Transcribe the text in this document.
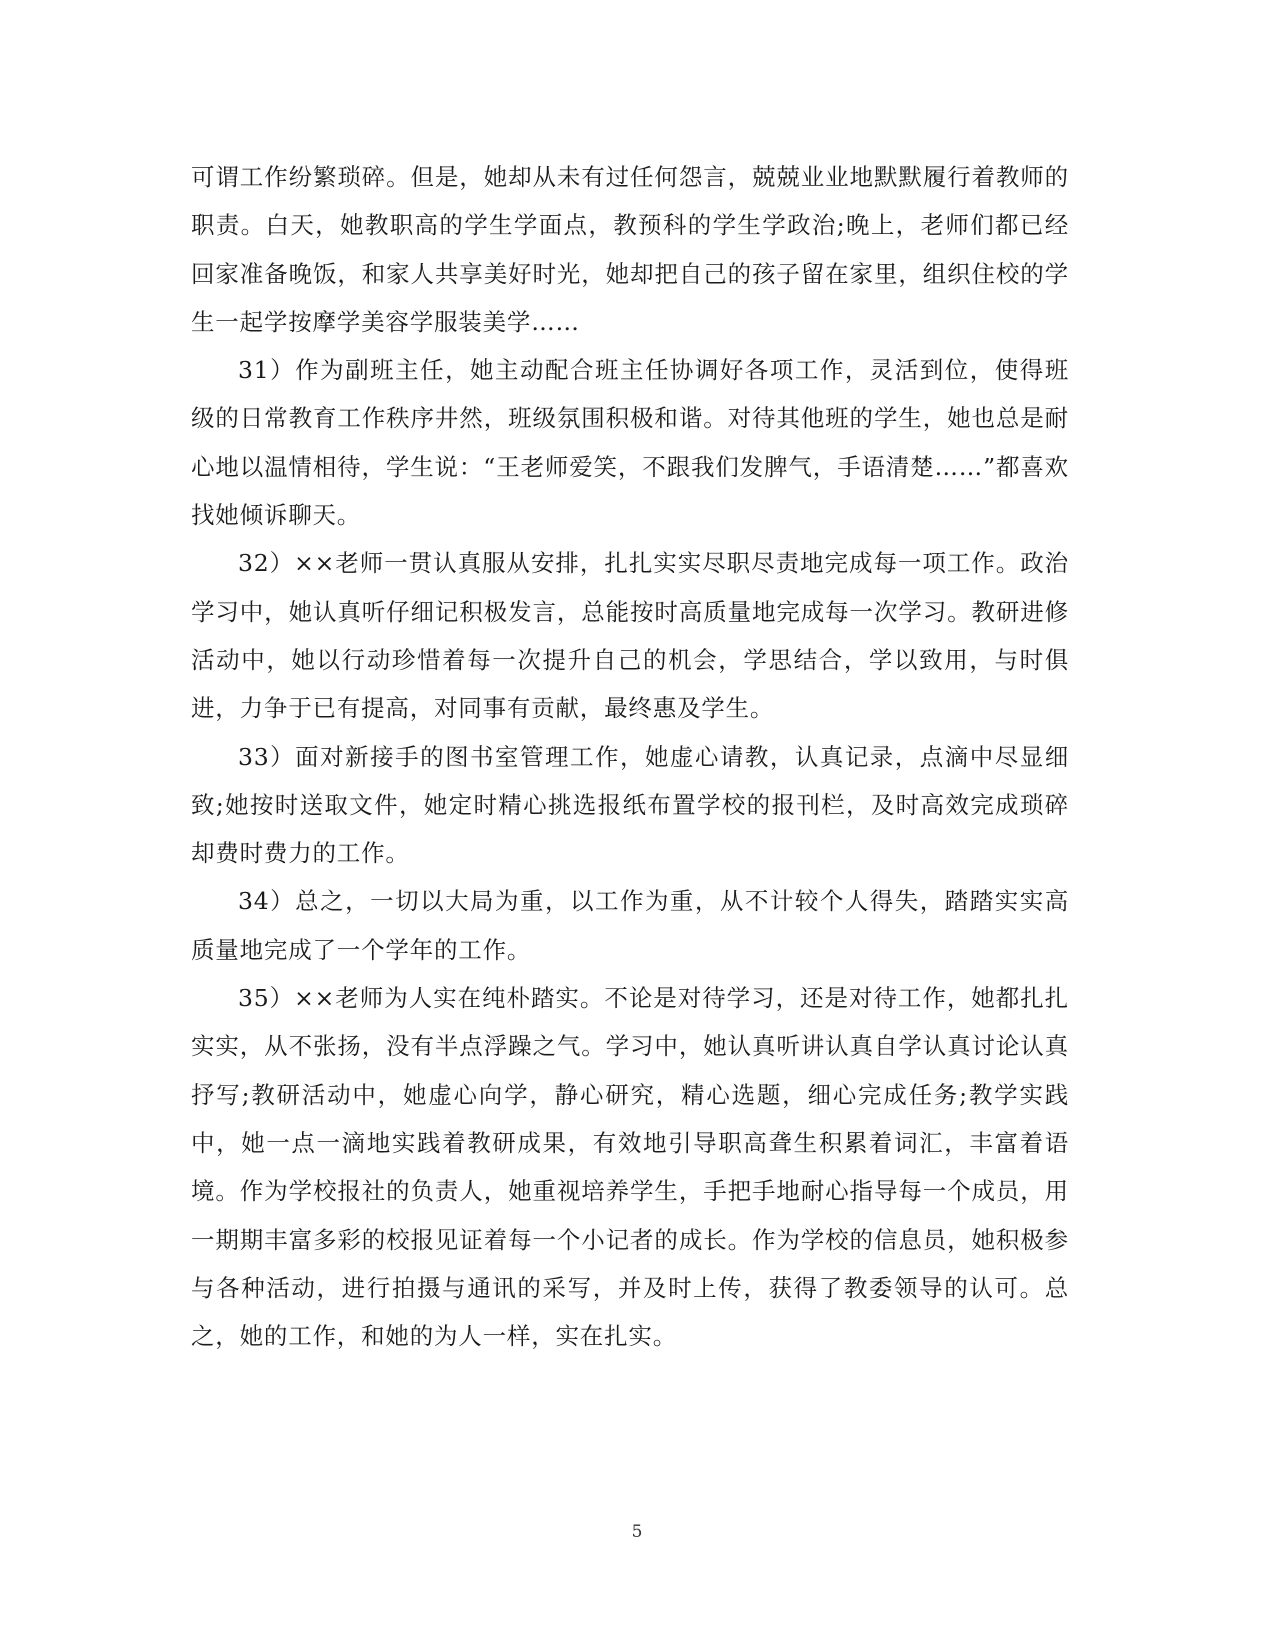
可谓工作纷繁琐碎。但是，她却从未有过任何怨言，兢兢业业地默默履行着教师的职责。白天，她教职高的学生学面点，教预科的学生学政治;晚上，老师们都已经回家准备晚饭，和家人共享美好时光，她却把自己的孩子留在家里，组织住校的学生一起学按摩学美容学服装美学……

31）作为副班主任，她主动配合班主任协调好各项工作，灵活到位，使得班级的日常教育工作秩序井然，班级氛围积极和谐。对待其他班的学生，她也总是耐心地以温情相待，学生说：“王老师爱笑，不跟我们发脾气，手语清楚……”都喜欢找她倾诉聊天。

32）××老师一贯认真服从安排，扎扎实实尽职尽责地完成每一项工作。政治学习中，她认真听仔细记积极发言，总能按时高质量地完成每一次学习。教研进修活动中，她以行动珍惜着每一次提升自己的机会，学思结合，学以致用，与时俱进，力争于已有提高，对同事有贡献，最终惠及学生。

33）面对新接手的图书室管理工作，她虚心请教，认真记录，点滴中尽显细致;她按时送取文件，她定时精心挑选报纸布置学校的报刊栏，及时高效完成琐碎却费时费力的工作。

34）总之，一切以大局为重，以工作为重，从不计较个人得失，踏踏实实高质量地完成了一个学年的工作。

35）××老师为人实在纯朴踏实。不论是对待学习，还是对待工作，她都扎扎实实，从不张扬，没有半点浮躁之气。学习中，她认真听讲认真自学认真讨论认真抒写;教研活动中，她虚心向学，静心研究，精心选题，细心完成任务;教学实践中，她一点一滴地实践着教研成果，有效地引导职高聋生积累着词汇，丰富着语境。作为学校报社的负责人，她重视培养学生，手把手地耐心指导每一个成员，用一期期丰富多彩的校报见证着每一个小记者的成长。作为学校的信息员，她积极参与各种活动，进行拍摄与通讯的采写，并及时上传，获得了教委领导的认可。总之，她的工作，和她的为人一样，实在扎实。

5
